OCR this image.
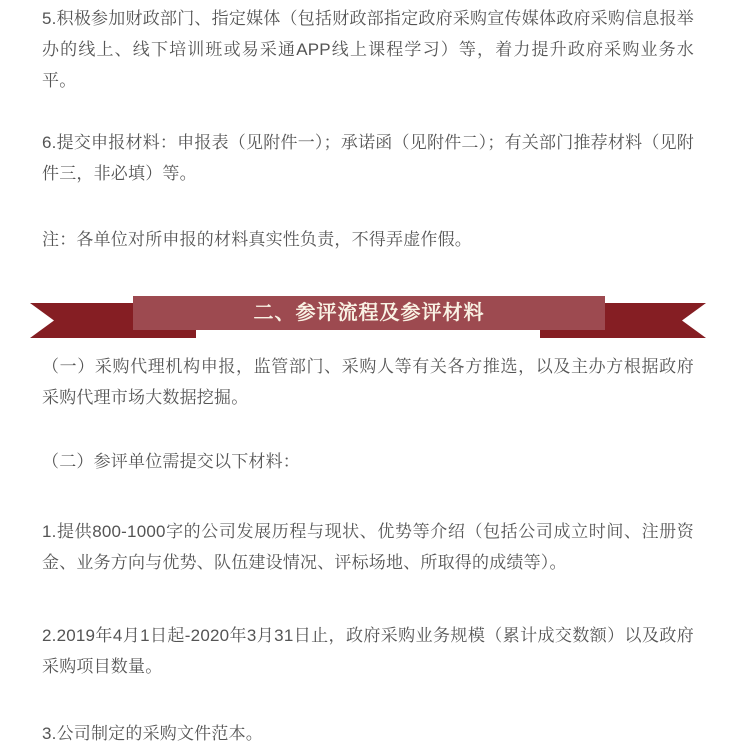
5.积极参加财政部门、指定媒体（包括财政部指定政府采购宣传媒体政府采购信息报举办的线上、线下培训班或易采通APP线上课程学习）等，着力提升政府采购业务水平。

6.提交申报材料：申报表（见附件一）；承诺函（见附件二）；有关部门推荐材料（见附件三，非必填）等。

注：各单位对所申报的材料真实性负责，不得弄虚作假。

二、参评流程及参评材料

（一）采购代理机构申报，监管部门、采购人等有关各方推选，以及主办方根据政府采购代理市场大数据挖掘。

（二）参评单位需提交以下材料：

1.提供800-1000字的公司发展历程与现状、优势等介绍（包括公司成立时间、注册资金、业务方向与优势、队伍建设情况、评标场地、所取得的成绩等）。

2.2019年4月1日起-2020年3月31日止，政府采购业务规模（累计成交数额）以及政府采购项目数量。

3.公司制定的采购文件范本。
